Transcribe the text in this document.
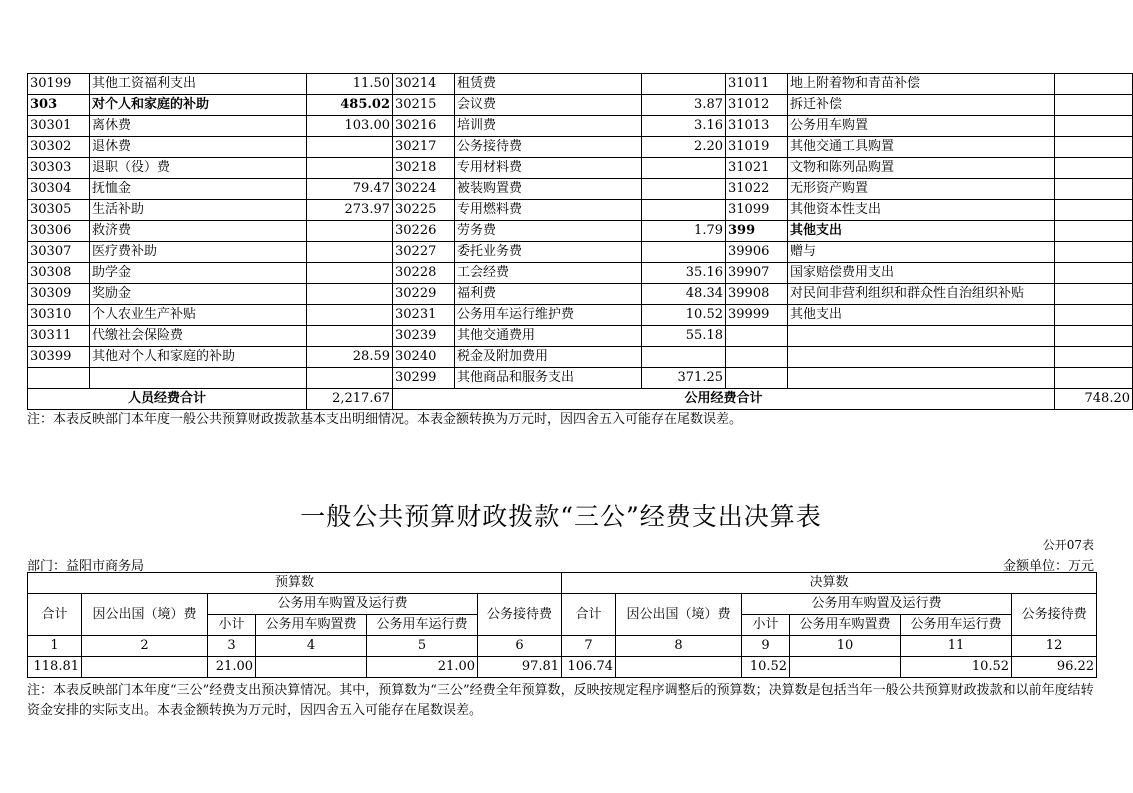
30199	其他工资福利支出	11.50	30214	租赁费		31011	地上附着物和青苗补偿	
303	对个人和家庭的补助	485.02	30215	会议费	3.87	31012	拆迁补偿	
30301	离休费	103.00	30216	培训费	3.16	31013	公务用车购置	
30302	退休费		30217	公务接待费	2.20	31019	其他交通工具购置	
30303	退职（役）费		30218	专用材料费		31021	文物和陈列品购置	
30304	抚恤金	79.47	30224	被装购置费		31022	无形资产购置	
30305	生活补助	273.97	30225	专用燃料费		31099	其他资本性支出	
30306	救济费		30226	劳务费	1.79	399	其他支出	
30307	医疗费补助		30227	委托业务费		39906	赠与	
30308	助学金		30228	工会经费	35.16	39907	国家赔偿费用支出	
30309	奖励金		30229	福利费	48.34	39908	对民间非营利组织和群众性自治组织补贴	
30310	个人农业生产补贴		30231	公务用车运行维护费	10.52	39999	其他支出	
30311	代缴社会保险费		30239	其他交通费用	55.18			
30399	其他对个人和家庭的补助	28.59	30240	税金及附加费用				
			30299	其他商品和服务支出	371.25			
人员经费合计		2,217.67	公用经费合计					748.20
注：本表反映部门本年度一般公共预算财政拨款基本支出明细情况。本表金额转换为万元时，因四舍五入可能存在尾数误差。
一般公共预算财政拨款“三公”经费支出决算表
公开07表
部门：益阳市商务局	金额单位：万元
预算数						决算数					
合计	因公出国（境）费	公务用车购置及运行费			公务接待费	合计	因公出国（境）费	公务用车购置及运行费			公务接待费
		小计	公务用车购置费	公务用车运行费				小计	公务用车购置费	公务用车运行费	
1	2	3	4	5	6	7	8	9	10	11	12
118.81		21.00		21.00	97.81	106.74		10.52		10.52	96.22
注：本表反映部门本年度“三公”经费支出预决算情况。其中，预算数为“三公”经费全年预算数，反映按规定程序调整后的预算数；决算数是包括当年一般公共预算财政拨款和以前年度结转资金安排的实际支出。本表金额转换为万元时，因四舍五入可能存在尾数误差。
